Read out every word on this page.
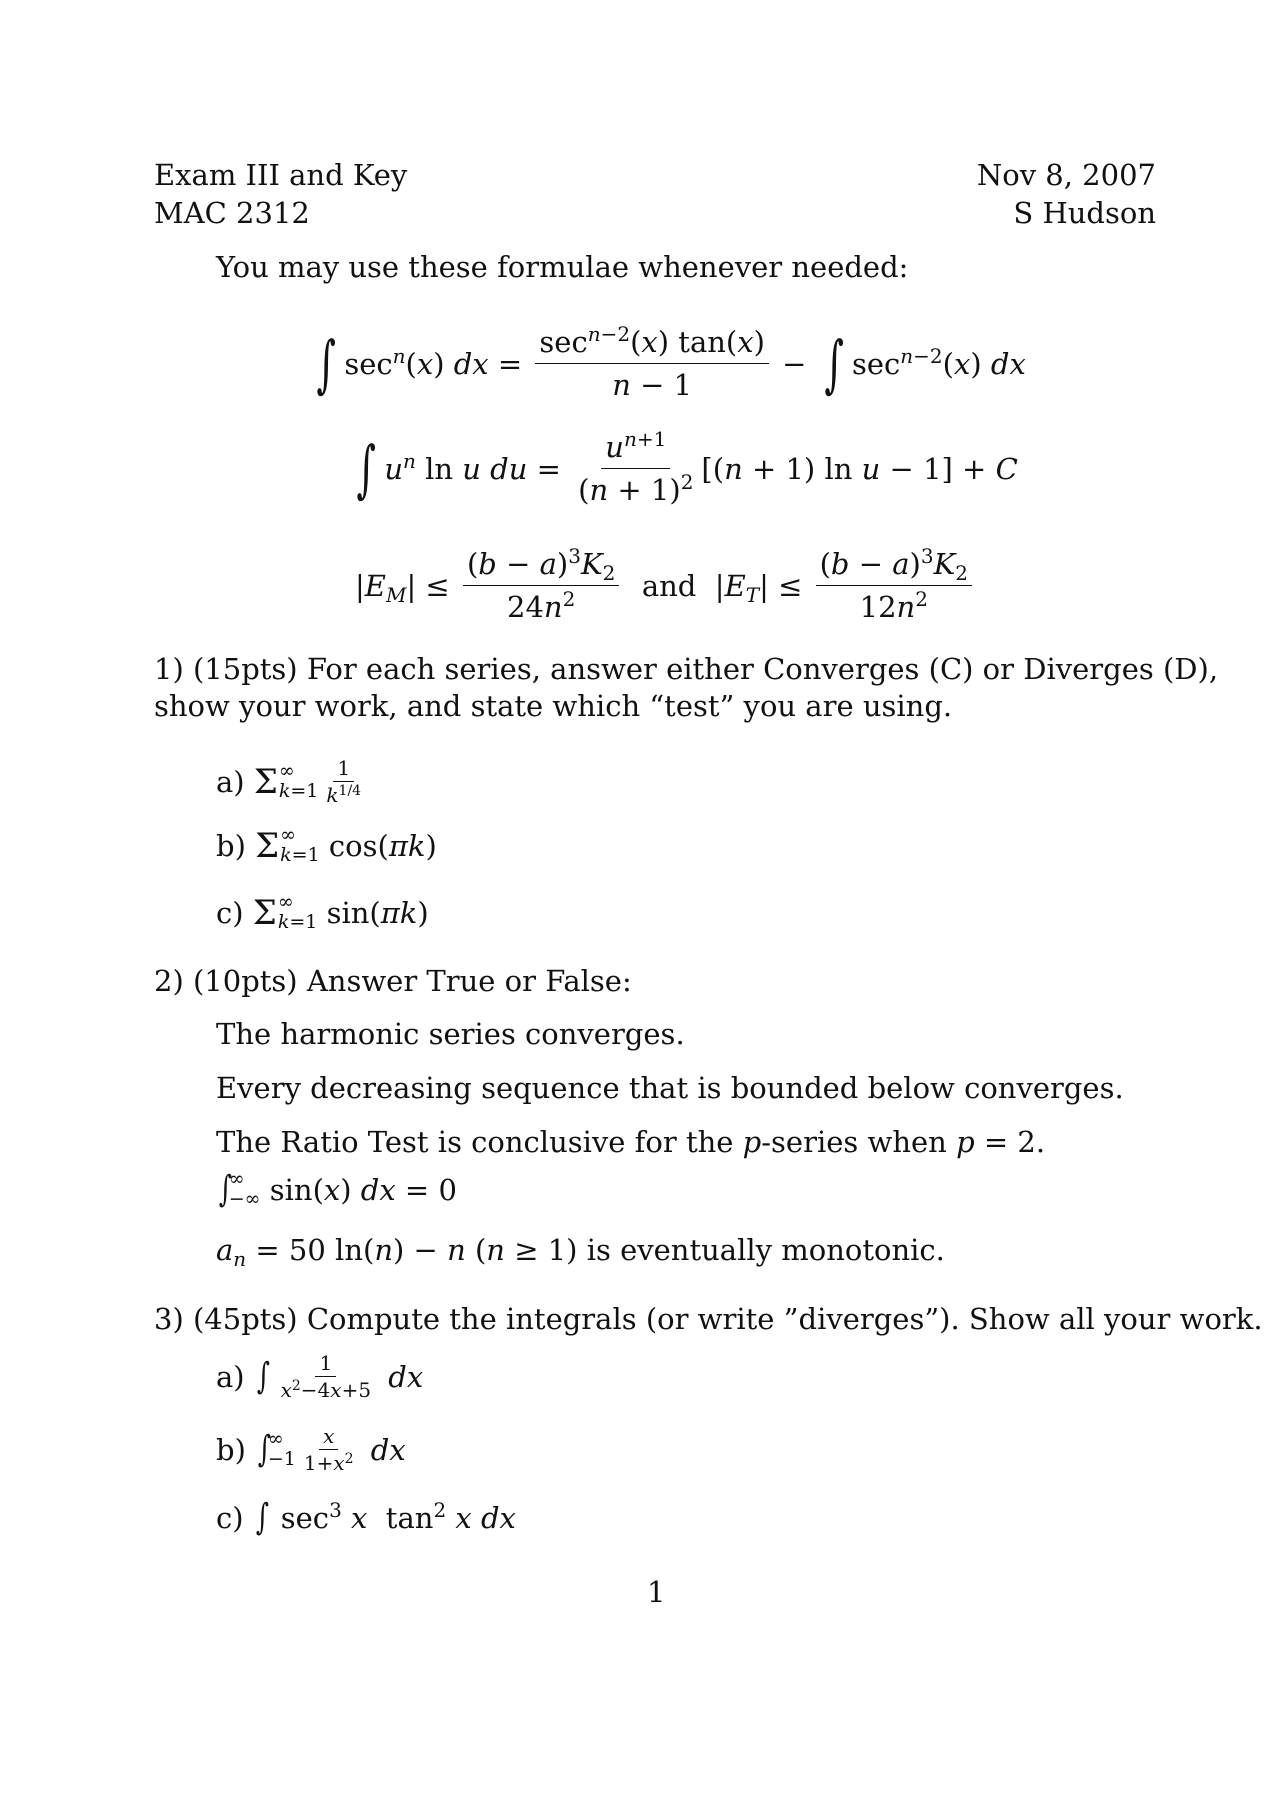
Exam III and Key
MAC 2312
Nov 8, 2007
S Hudson
You may use these formulae whenever needed:
∫ $\sec^n(x)$ dx = $\frac{\sec^{n-2}(x) \tan(x)}{n - 1}$ − ∫ $\sec^{n-2}(x)$ dx
∫ $u^n$ ln u du = $\frac{u^{n+1}}{(n + 1)^2} [(n + 1)$ ln u − 1] + C
$|E_M| \le \frac{(b - a)^3K_2}{24n^2}$
and $|E_T| \le \frac{(b - a)^3K_2}{12n^2}$
1) (15pts) For each series, answer either Converges (C) or Diverges (D),
show your work, and state which “test” you are using.
a)
Σ ∞
$k=1 \frac{1}{k^{1/4}}$
b)
Σ ∞
k=1 cos(πk)
c)
Σ ∞
k=1 sin(πk)
2) (10pts) Answer True or False:
The harmonic series converges.
Every decreasing sequence that is bounded below converges.
The Ratio Test is conclusive for the p-series when p = 2.
∫
∞
−∞ sin(x) dx = 0
$a_n = 50$ ln(n) − n (n ≥ 1) is eventually monotonic.
3) (45pts) Compute the integrals (or write ”diverges”). Show all your work.
a)
∫ $\frac{1}{x^2-4x+5}$ dx
b)
∫
∞
$-1 \frac{x}{1+x^2}$ dx
c)
∫ $\sec^3 x$  $\tan^2 x$ dx
1
